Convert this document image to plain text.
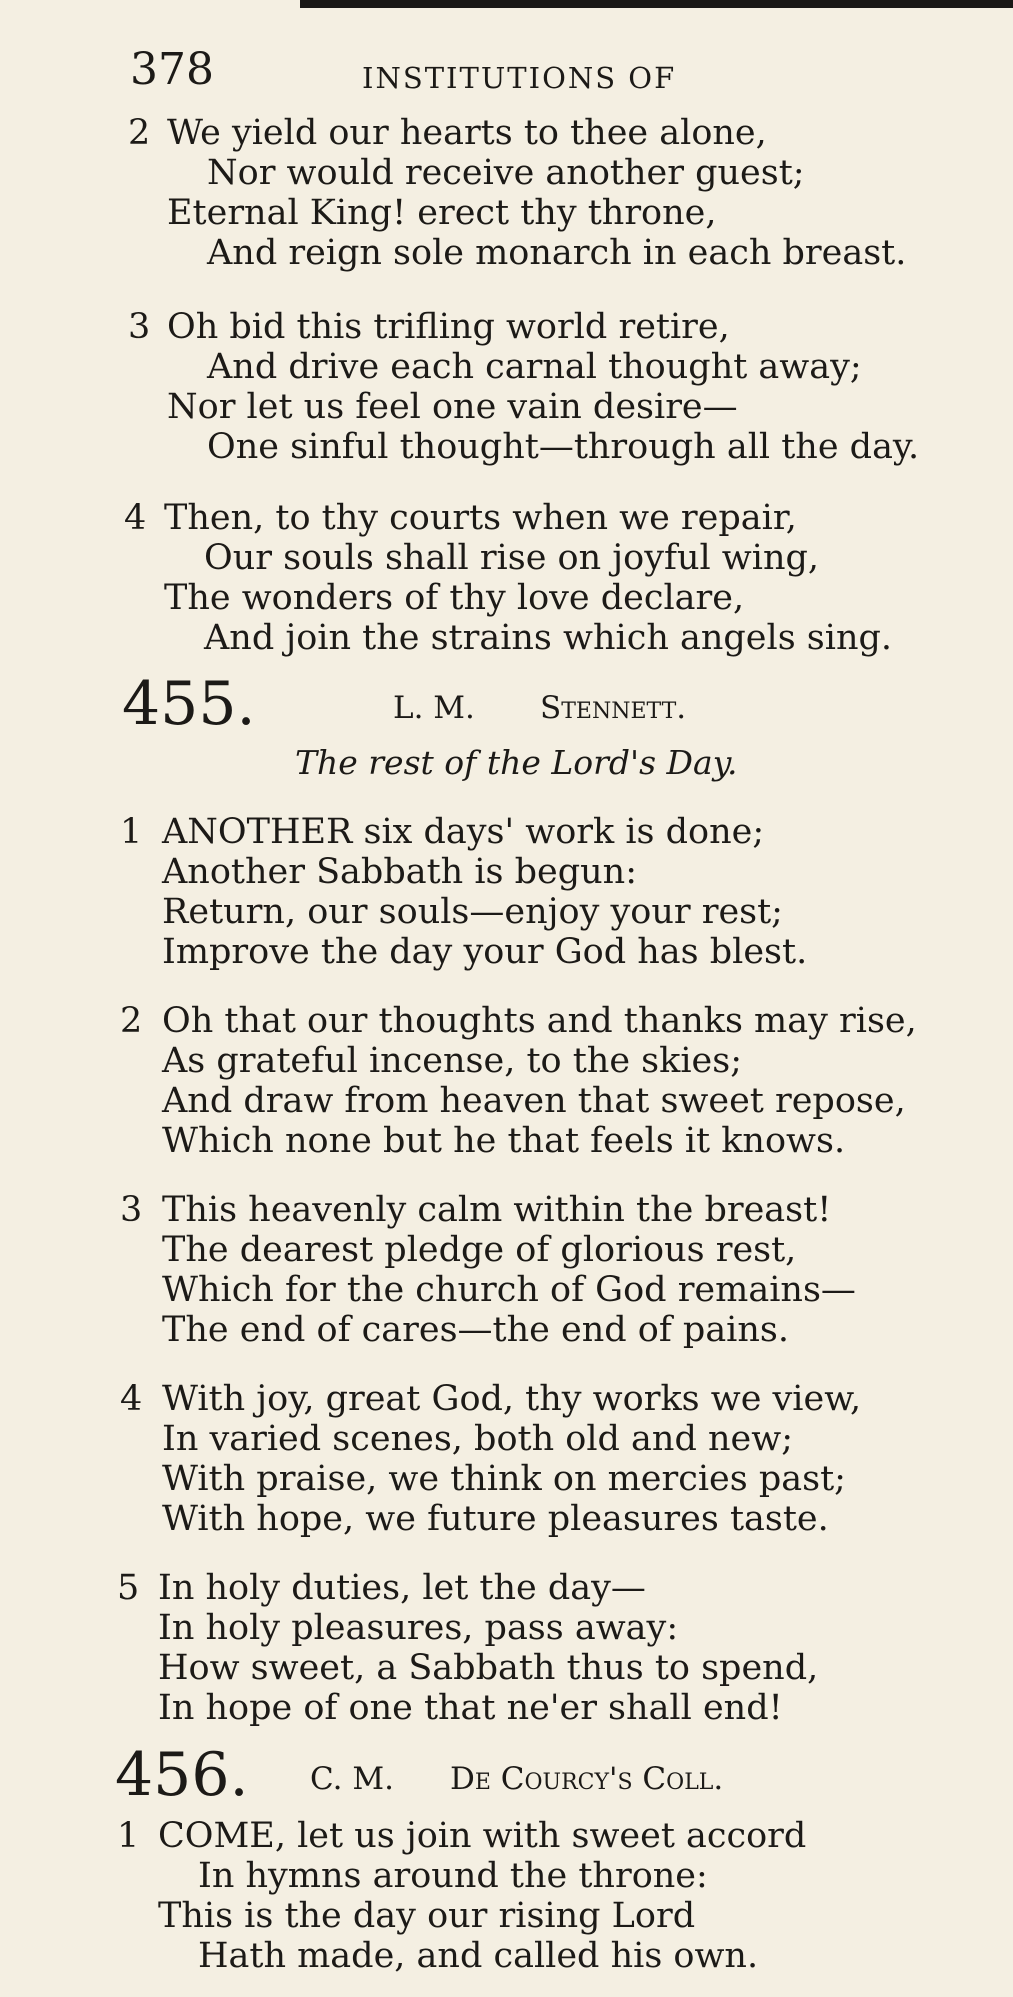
378	INSTITUTIONS OF
2 We yield our hearts to thee alone,
Nor would receive another guest;
Eternal King! erect thy throne,
And reign sole monarch in each breast.
3 Oh bid this trifling world retire,
And drive each carnal thought away;
Nor let us feel one vain desire—
One sinful thought—through all the day.
4 Then, to thy courts when we repair,
Our souls shall rise on joyful wing,
The wonders of thy love declare,
And join the strains which angels sing.
455.	L. M. Stennett.
The rest of the Lord's Day.
1 ANOTHER six days' work is done;
Another Sabbath is begun:
Return, our souls—enjoy your rest;
Improve the day your God has blest.
2 Oh that our thoughts and thanks may rise,
As grateful incense, to the skies;
And draw from heaven that sweet repose,
Which none but he that feels it knows.
3 This heavenly calm within the breast!
The dearest pledge of glorious rest,
Which for the church of God remains—
The end of cares—the end of pains.
4 With joy, great God, thy works we view,
In varied scenes, both old and new;
With praise, we think on mercies past;
With hope, we future pleasures taste.
5 In holy duties, let the day—
In holy pleasures, pass away:
How sweet, a Sabbath thus to spend,
In hope of one that ne'er shall end!
456. C. M. De Courcy's Coll.
1 COME, let us join with sweet accord
In hymns around the throne:
This is the day our rising Lord
Hath made, and called his own.
